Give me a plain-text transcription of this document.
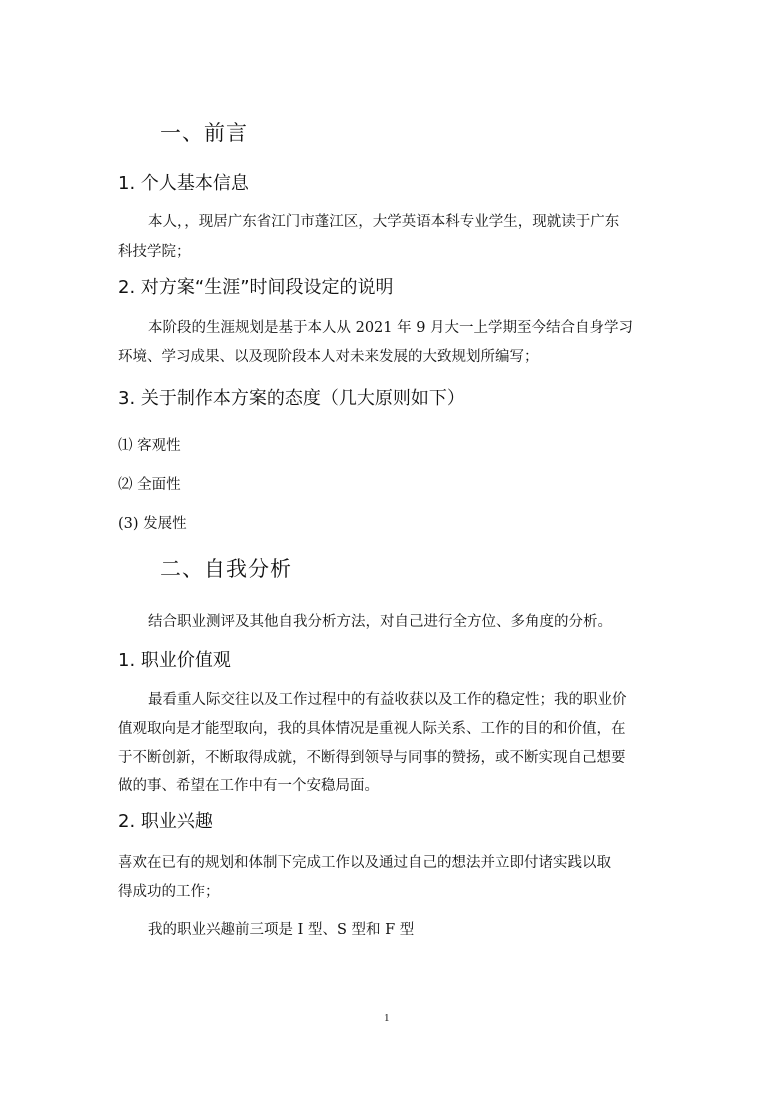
一、前言
1. 个人基本信息
本人，，现居广东省江门市蓬江区，大学英语本科专业学生，现就读于广东
科技学院；
2. 对方案“生涯”时间段设定的说明
本阶段的生涯规划是基于本人从 2021 年 9 月大一上学期至今结合自身学习
环境、学习成果、以及现阶段本人对未来发展的大致规划所编写；
3. 关于制作本方案的态度（几大原则如下）
⑴ 客观性
⑵ 全面性
(3) 发展性
二、自我分析
结合职业测评及其他自我分析方法，对自己进行全方位、多角度的分析。
1. 职业价值观
最看重人际交往以及工作过程中的有益收获以及工作的稳定性；我的职业价
值观取向是才能型取向，我的具体情况是重视人际关系、工作的目的和价值，在
于不断创新，不断取得成就，不断得到领导与同事的赞扬，或不断实现自己想要
做的事、希望在工作中有一个安稳局面。
2. 职业兴趣
喜欢在已有的规划和体制下完成工作以及通过自己的想法并立即付诸实践以取
得成功的工作；
我的职业兴趣前三项是 I 型、S 型和 F 型
1
